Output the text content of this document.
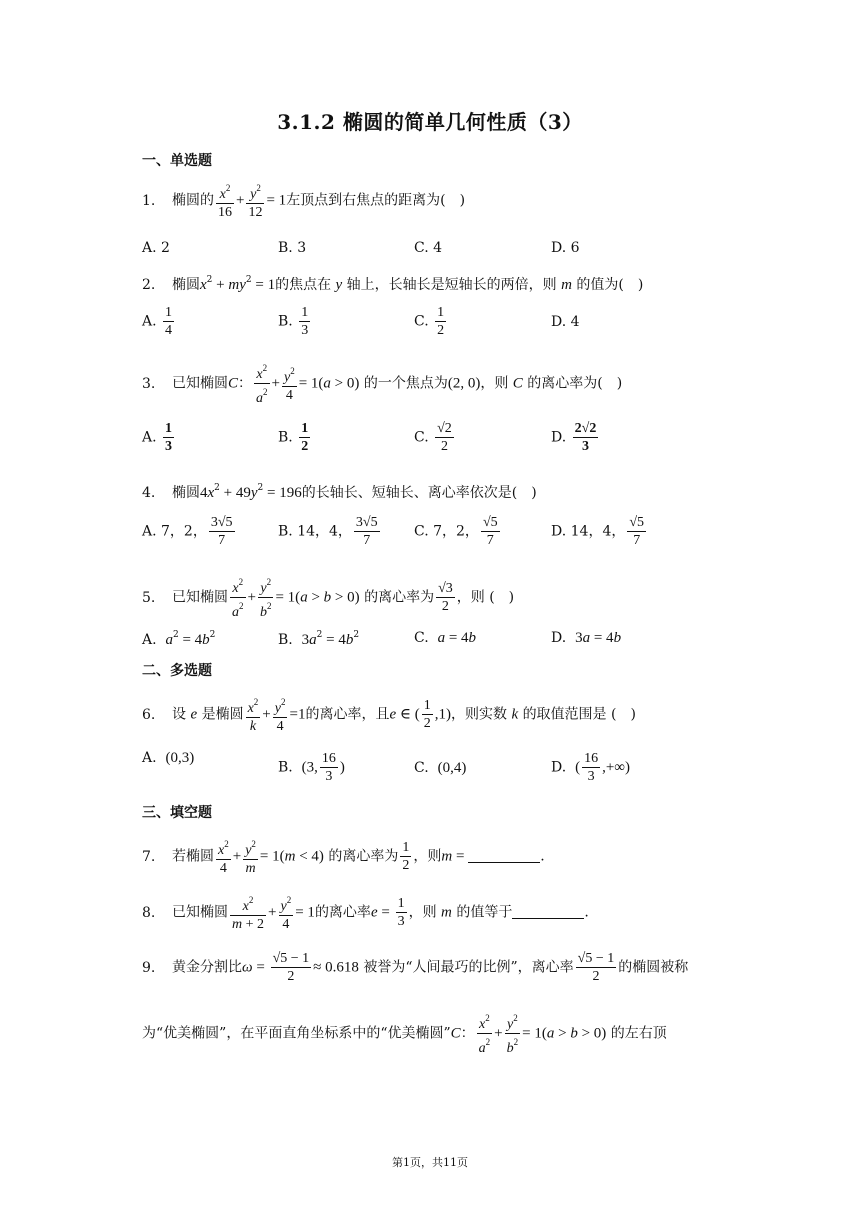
3.1.2 椭圆的简单几何性质（3）
一、单选题
1. 椭圆的 $\frac{x^2}{16} + \frac{y^2}{12} = 1$左顶点到右焦点的距离为(　)
A. 2	B. 3	C. 4	D. 6
2. 椭圆$x^2 + my^2 = 1$的焦点在 y 轴上，长轴长是短轴长的两倍，则 m 的值为(　)
A. $\frac{1}{4}$	B. $\frac{1}{3}$	C. $\frac{1}{2}$	D. 4
3. 已知椭圆C： $\frac{x^2}{a^2} + \frac{y^2}{4} = 1(a > 0)$ 的一个焦点为(2, 0)，则 C 的离心率为(　)
A. $\frac{1}{3}$	B. $\frac{1}{2}$	C. $\frac{√2}{2}$	D. $\frac{2√2}{3}$
4. 椭圆$4x^2 + 49y^2 = 196$的长轴长、短轴长、离心率依次是(　)
A. 7，2， $\frac{3√5}{7}$	B. 14，4， $\frac{3√5}{7} C$. 7，2， $\frac{√5}{7}$	D. 14，4， $\frac{√5}{7}$
5. 已知椭圆 $\frac{x^2}{a^2} + \frac{y^2}{b^2} = 1(a > b > 0)$ 的离心率为 $\frac{√3}{2}$ ，则 (　)
A. $a^2 = 4b^2$	B. $3a^2 = 4b^2$	C. a = 4b	D. 3a = 4b
二、多选题
6. 设 e 是椭圆 $\frac{x^2}{k} + \frac{y^2}{4} =1$的离心率，且e ∈ ( $\frac{1}{2} ,1$)，则实数 k 的取值范围是 (　)
A. (0,3)
B. (3, $\frac{16}{3}$ )	C. (0,4)	D. ( $\frac{16}{3}$ ,+∞)
三、填空题
7. 若椭圆 $\frac{x^2}{4} + \frac{y^2}{m} = 1(m < 4)$ 的离心率为 $\frac{1}{2}$ ，则m =	.
8. 已知椭圆 $\frac{x^2}{m + 2} + \frac{y^2}{4} = 1$的离心率$e = \frac{1}{3}$ ，则 m 的值等于	.
9. 黄金分割比$\omega = \frac{√5 - 1}{2} \approx 0.618$ 被誉为“人间最巧的比例”，离心率 $\frac{√5 - 1}{2}$ 的椭圆被称
为“优美椭圆”，在平面直角坐标系中的“优美椭圆”C： $\frac{x^2}{a^2} + \frac{y^2}{b^2} = 1(a > b > 0)$ 的左右顶
第1页，共11页
